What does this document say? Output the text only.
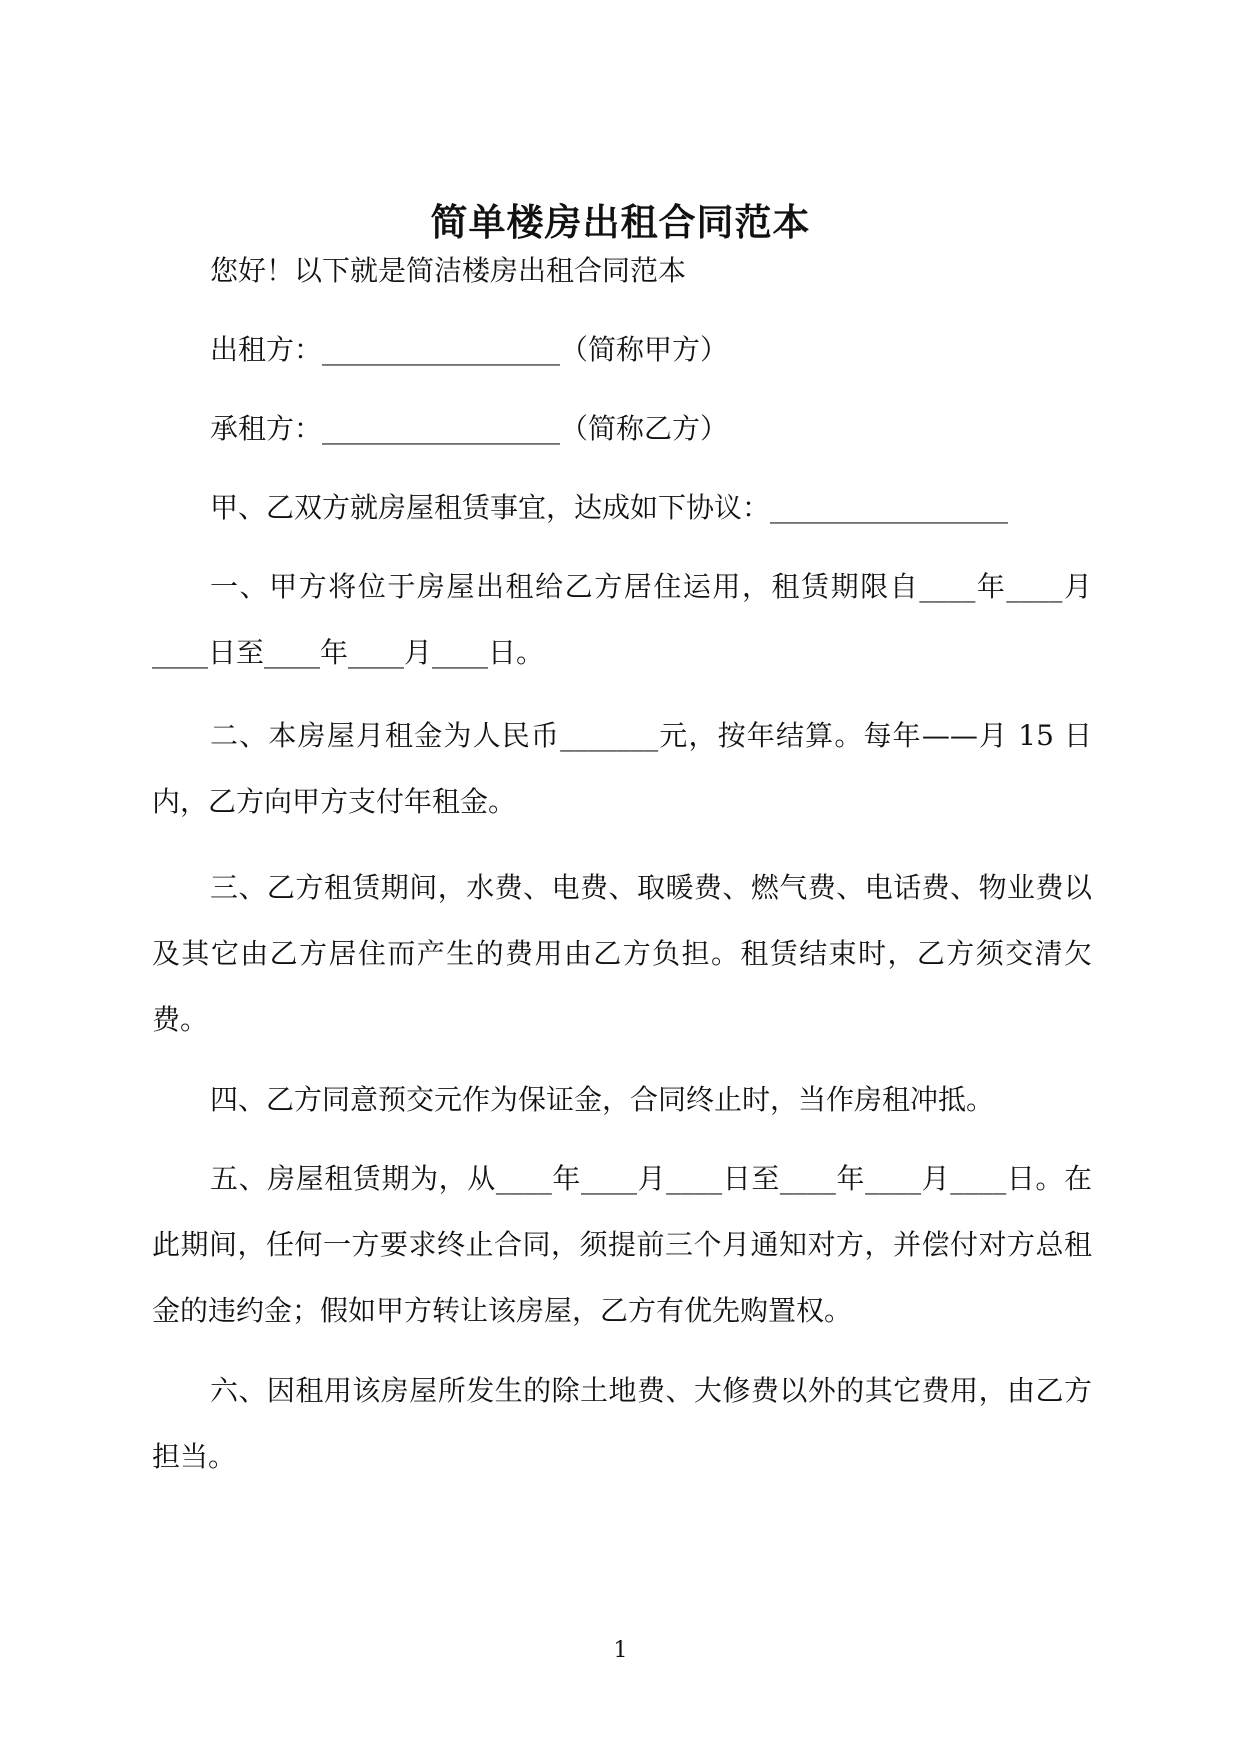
简单楼房出租合同范本

您好！以下就是简洁楼房出租合同范本

出租方：_________________（简称甲方）

承租方：_________________（简称乙方）

甲、乙双方就房屋租赁事宜，达成如下协议：_________________

一、甲方将位于房屋出租给乙方居住运用，租赁期限自____年____月____日至____年____月____日。

二、本房屋月租金为人民币_______元，按年结算。每年——月 15 日内，乙方向甲方支付年租金。

三、乙方租赁期间，水费、电费、取暖费、燃气费、电话费、物业费以及其它由乙方居住而产生的费用由乙方负担。租赁结束时，乙方须交清欠费。

四、乙方同意预交元作为保证金，合同终止时，当作房租冲抵。

五、房屋租赁期为，从____年____月____日至____年____月____日。在此期间，任何一方要求终止合同，须提前三个月通知对方，并偿付对方总租金的违约金；假如甲方转让该房屋，乙方有优先购置权。

六、因租用该房屋所发生的除土地费、大修费以外的其它费用，由乙方担当。

1
